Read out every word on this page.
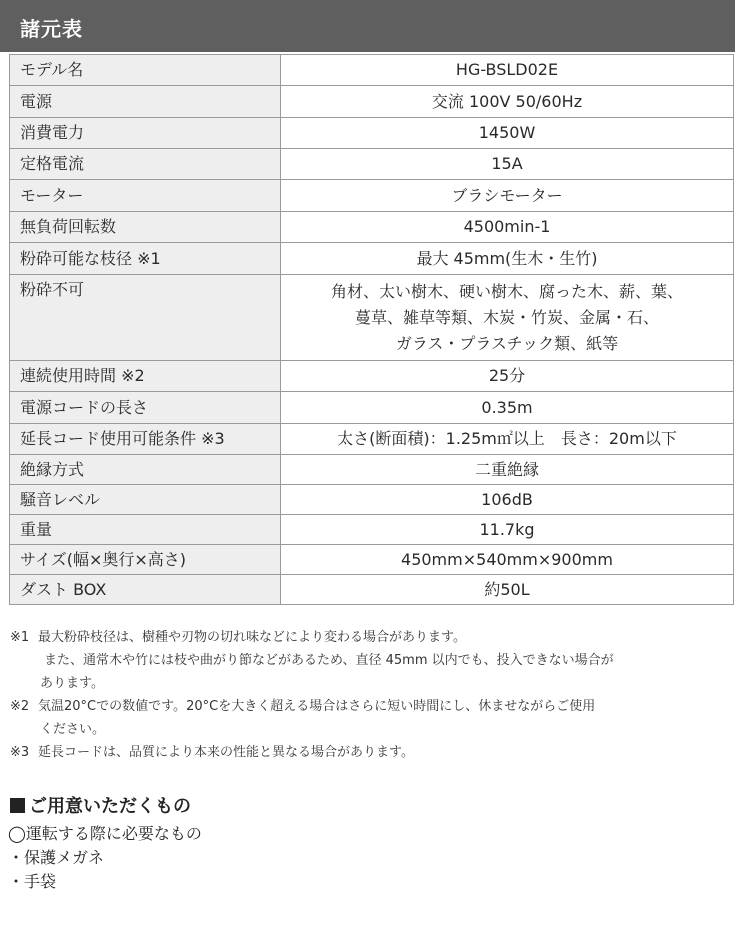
諸元表
モデル名	HG-BSLD02E
電源	交流 100V 50/60Hz
消費電力	1450W
定格電流	15A
モーター	ブラシモーター
無負荷回転数	4500min-1
粉砕可能な枝径 ※1	最大 45mm(生木・生竹)
粉砕不可	角材、太い樹木、硬い樹木、腐った木、薪、葉、
蔓草、雑草等類、木炭・竹炭、金属・石、
ガラス・プラスチック類、紙等

連続使用時間 ※2	25分
電源コードの長さ	0.35m
延長コード使用可能条件 ※3	太さ(断面積)：1.25m㎡以上　長さ：20m以下
絶縁方式	二重絶縁
騒音レベル	106dB
重量	11.7kg
サイズ(幅×奥行×高さ)	450mm×540mm×900mm
ダスト BOX	約50L
※1 最大粉砕枝径は、樹種や刃物の切れ味などにより変わる場合があります。
また、通常木や竹には枝や曲がり節などがあるため、直径 45mm 以内でも、投入できない場合が
あります。
※2 気温20°Cでの数値です。20°Cを大きく超える場合はさらに短い時間にし、休ませながらご使用
ください。
※3 延長コードは、品質により本来の性能と異なる場合があります。
ご用意いただくもの
◯運転する際に必要なもの
・保護メガネ
・手袋
